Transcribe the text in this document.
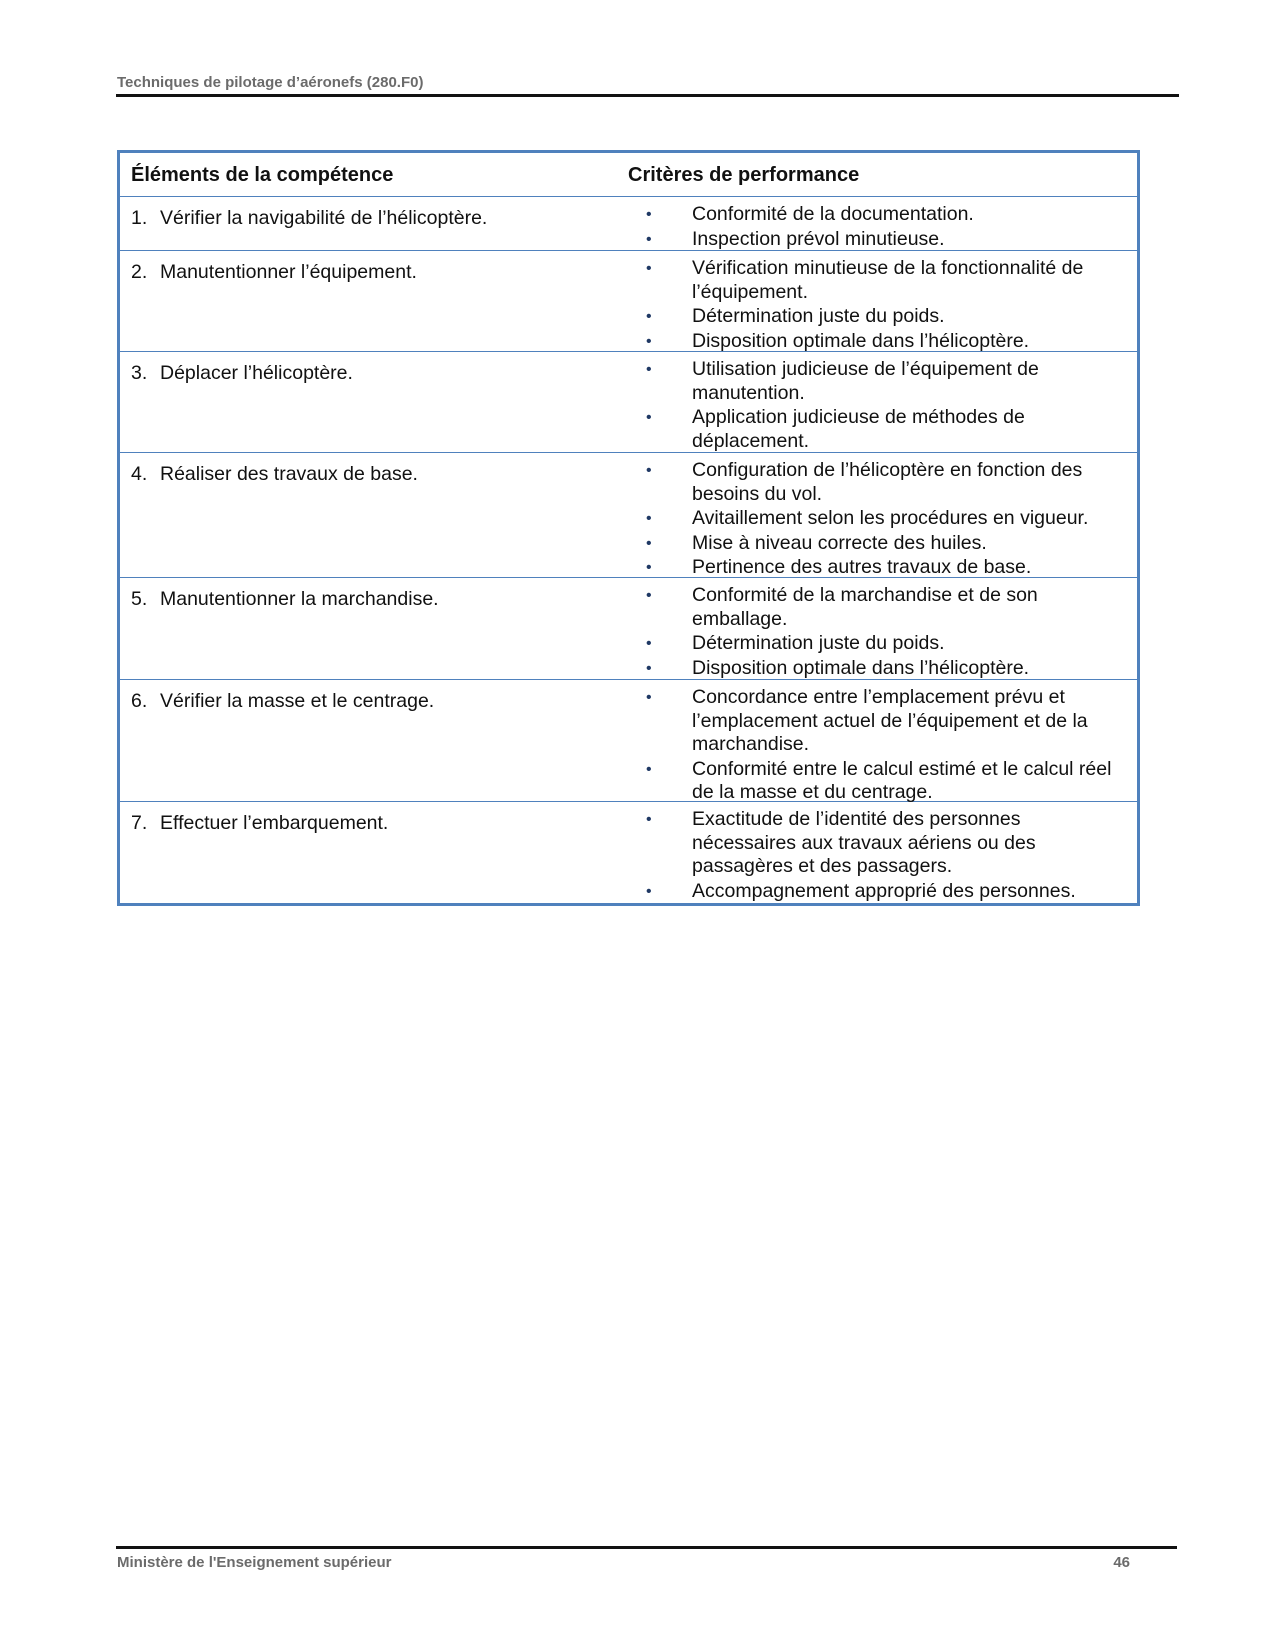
Techniques de pilotage d’aéronefs (280.F0)
Éléments de la compétence	Critères de performance
1. Vérifier la navigabilité de l’hélicoptère.	•	Conformité de la documentation.
•	Inspection prévol minutieuse.
2. Manutentionner l’équipement.	•	Vérification minutieuse de la fonctionnalité de l’équipement.
•	Détermination juste du poids.
•	Disposition optimale dans l’hélicoptère.
3. Déplacer l’hélicoptère.	•	Utilisation judicieuse de l’équipement de manutention.
•	Application judicieuse de méthodes de déplacement.
4. Réaliser des travaux de base.	•	Configuration de l’hélicoptère en fonction des besoins du vol.
•	Avitaillement selon les procédures en vigueur.
•	Mise à niveau correcte des huiles.
•	Pertinence des autres travaux de base.
5. Manutentionner la marchandise.	•	Conformité de la marchandise et de son emballage.
•	Détermination juste du poids.
•	Disposition optimale dans l’hélicoptère.
6. Vérifier la masse et le centrage.	•	Concordance entre l’emplacement prévu et l’emplacement actuel de l’équipement et de la marchandise.
•	Conformité entre le calcul estimé et le calcul réel de la masse et du centrage.
7. Effectuer l’embarquement.	•	Exactitude de l’identité des personnes nécessaires aux travaux aériens ou des passagères et des passagers.
•	Accompagnement approprié des personnes.
Ministère de l'Enseignement supérieur	46
